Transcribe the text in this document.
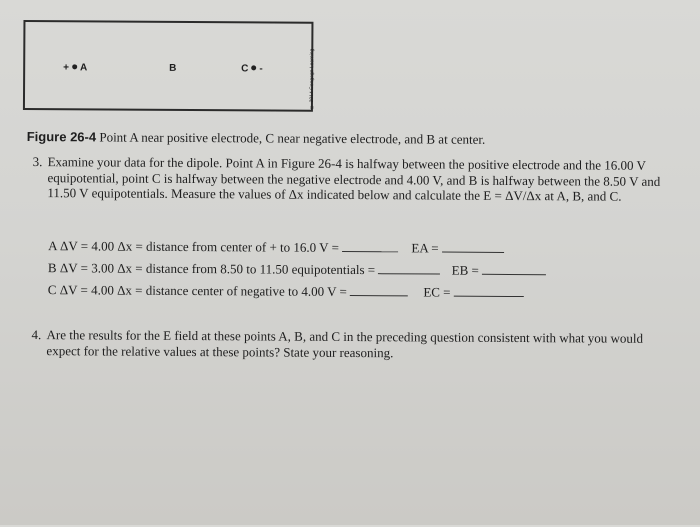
+ A	B	C -	© 2014 Cengage Learning
Figure 26-4 Point A near positive electrode, C near negative electrode, and B at center.
3. Examine your data for the dipole. Point A in Figure 26-4 is halfway between the positive electrode and the 16.00 V equipotential, point C is halfway between the negative electrode and 4.00 V, and B is halfway between the 8.50 V and 11.50 V equipotentials. Measure the values of Δx indicated below and calculate the E = ΔV/Δx at A, B, and C.
A ΔV = 4.00 Δx = distance from center of + to 16.0 V =	EA =
B ΔV = 3.00 Δx = distance from 8.50 to 11.50 equipotentials =	EB =
C ΔV = 4.00 Δx = distance center of negative to 4.00 V =	EC =
4. Are the results for the E field at these points A, B, and C in the preceding question consistent with what you would expect for the relative values at these points? State your reasoning.
